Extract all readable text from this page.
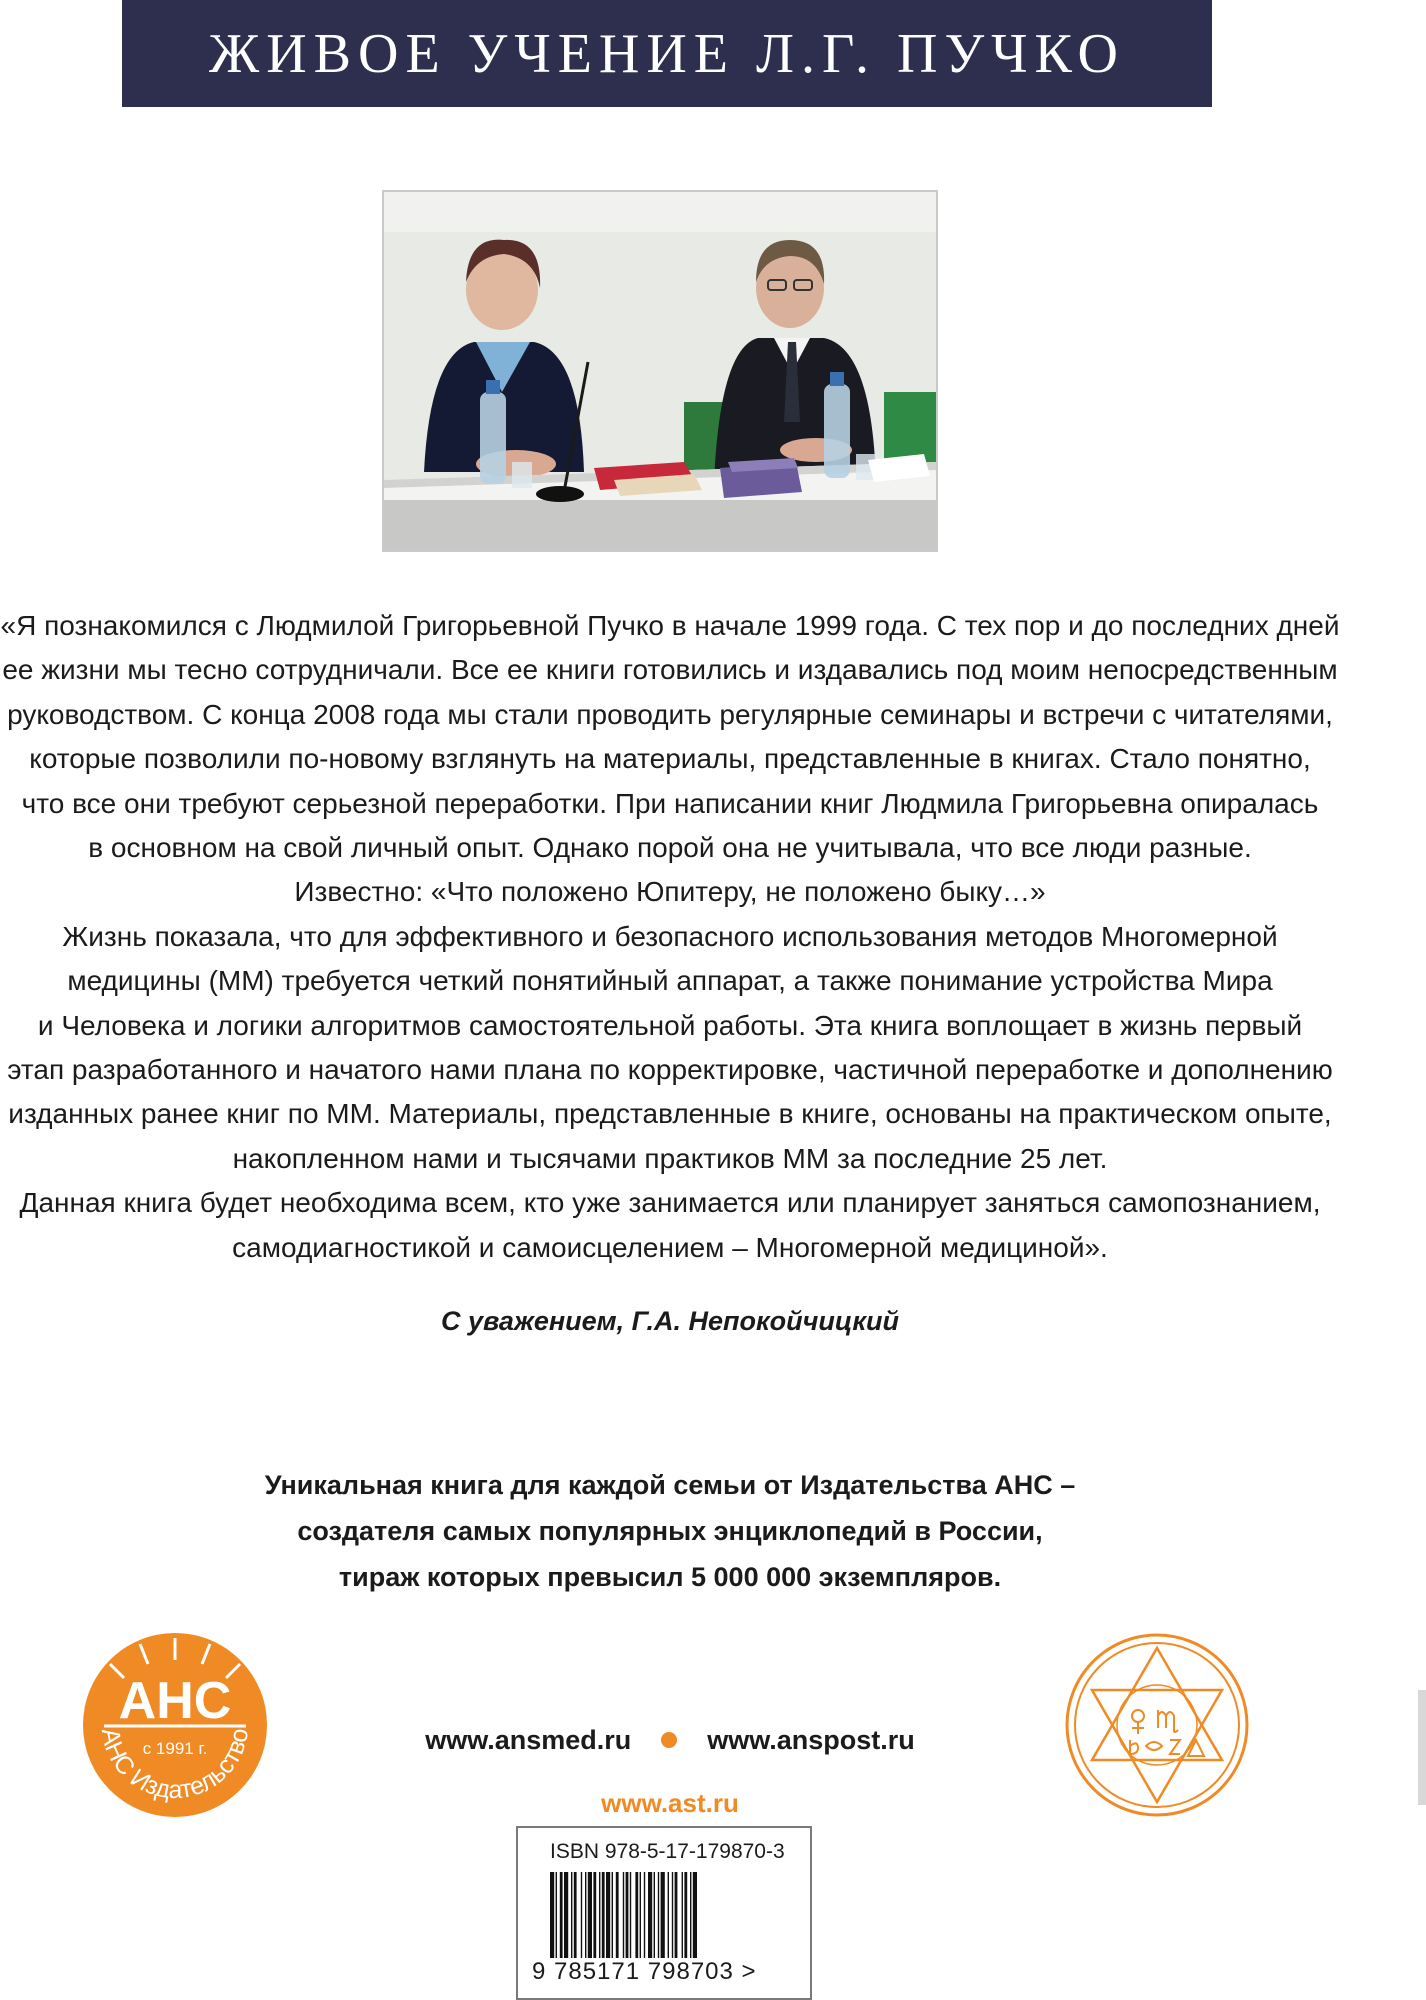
ЖИВОЕ УЧЕНИЕ Л.Г. ПУЧКО

«Я познакомился с Людмилой Григорьевной Пучко в начале 1999 года. С тех пор и до последних дней

ее жизни мы тесно сотрудничали. Все ее книги готовились и издавались под моим непосредственным

руководством. С конца 2008 года мы стали проводить регулярные семинары и встречи с читателями,

которые позволили по-новому взглянуть на материалы, представленные в книгах. Стало понятно,

что все они требуют серьезной переработки. При написании книг Людмила Григорьевна опиралась

в основном на свой личный опыт. Однако порой она не учитывала, что все люди разные.

Известно: «Что положено Юпитеру, не положено быку…»

Жизнь показала, что для эффективного и безопасного использования методов Многомерной

медицины (ММ) требуется четкий понятийный аппарат, а также понимание устройства Мира

и Человека и логики алгоритмов самостоятельной работы. Эта книга воплощает в жизнь первый

этап разработанного и начатого нами плана по корректировке, частичной переработке и дополнению

изданных ранее книг по ММ. Материалы, представленные в книге, основаны на практическом опыте,

накопленном нами и тысячами практиков ММ за последние 25 лет.

Данная книга будет необходима всем, кто уже занимается или планирует заняться самопознанием,

самодиагностикой и самоисцелением – Многомерной медициной».

С уважением, Г.А. Непокойчицкий

Уникальная книга для каждой семьи от Издательства АНС –

создателя самых популярных энциклопедий в России,

тираж которых превысил 5 000 000 экземпляров.

АНС
АНС Издательство
с 1991 г.	www.ansmed.ru	www.anspost.ru
www.ast.ru
ISBN 978-5-17-179870-3
9 785171 798703 >
